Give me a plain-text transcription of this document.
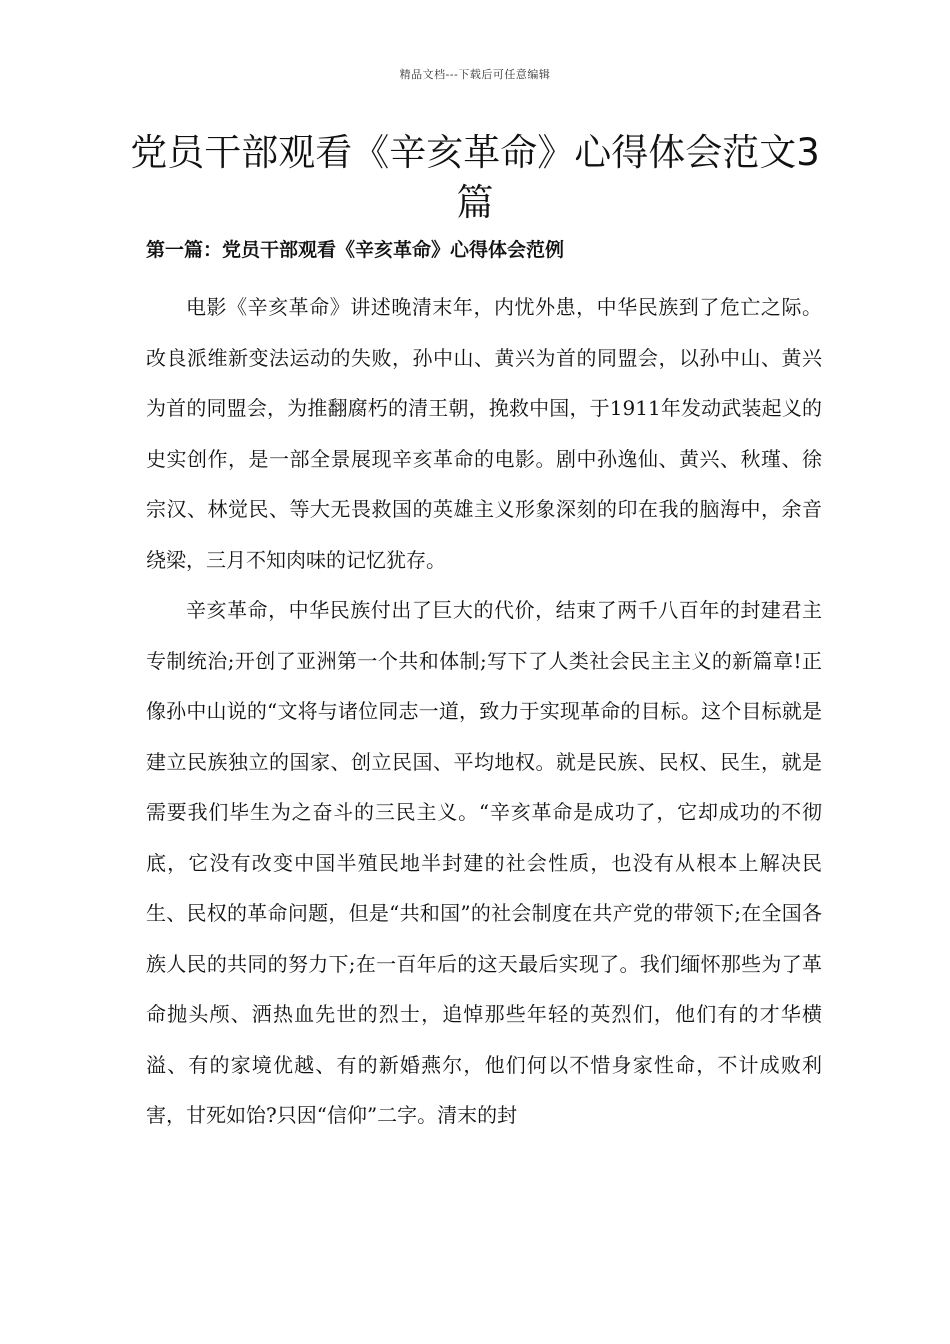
精品文档---下载后可任意编辑
党员干部观看《辛亥革命》心得体会范文3篇
第一篇：党员干部观看《辛亥革命》心得体会范例

电影《辛亥革命》讲述晚清末年，内忧外患，中华民族到了危亡之际。改良派维新变法运动的失败，孙中山、黄兴为首的同盟会，以孙中山、黄兴为首的同盟会，为推翻腐朽的清王朝，挽救中国，于1911年发动武装起义的史实创作，是一部全景展现辛亥革命的电影。剧中孙逸仙、黄兴、秋瑾、徐宗汉、林觉民、等大无畏救国的英雄主义形象深刻的印在我的脑海中，余音绕梁，三月不知肉味的记忆犹存。

辛亥革命，中华民族付出了巨大的代价，结束了两千八百年的封建君主专制统治;开创了亚洲第一个共和体制;写下了人类社会民主主义的新篇章!正像孙中山说的“文将与诸位同志一道，致力于实现革命的目标。这个目标就是建立民族独立的国家、创立民国、平均地权。就是民族、民权、民生，就是需要我们毕生为之奋斗的三民主义。“辛亥革命是成功了，它却成功的不彻底，它没有改变中国半殖民地半封建的社会性质，也没有从根本上解决民生、民权的革命问题，但是“共和国”的社会制度在共产党的带领下;在全国各族人民的共同的努力下;在一百年后的这天最后实现了。我们缅怀那些为了革命抛头颅、洒热血先世的烈士，追悼那些年轻的英烈们，他们有的才华横溢、有的家境优越、有的新婚燕尔，他们何以不惜身家性命，不计成败利害，甘死如饴?只因“信仰”二字。清末的封
